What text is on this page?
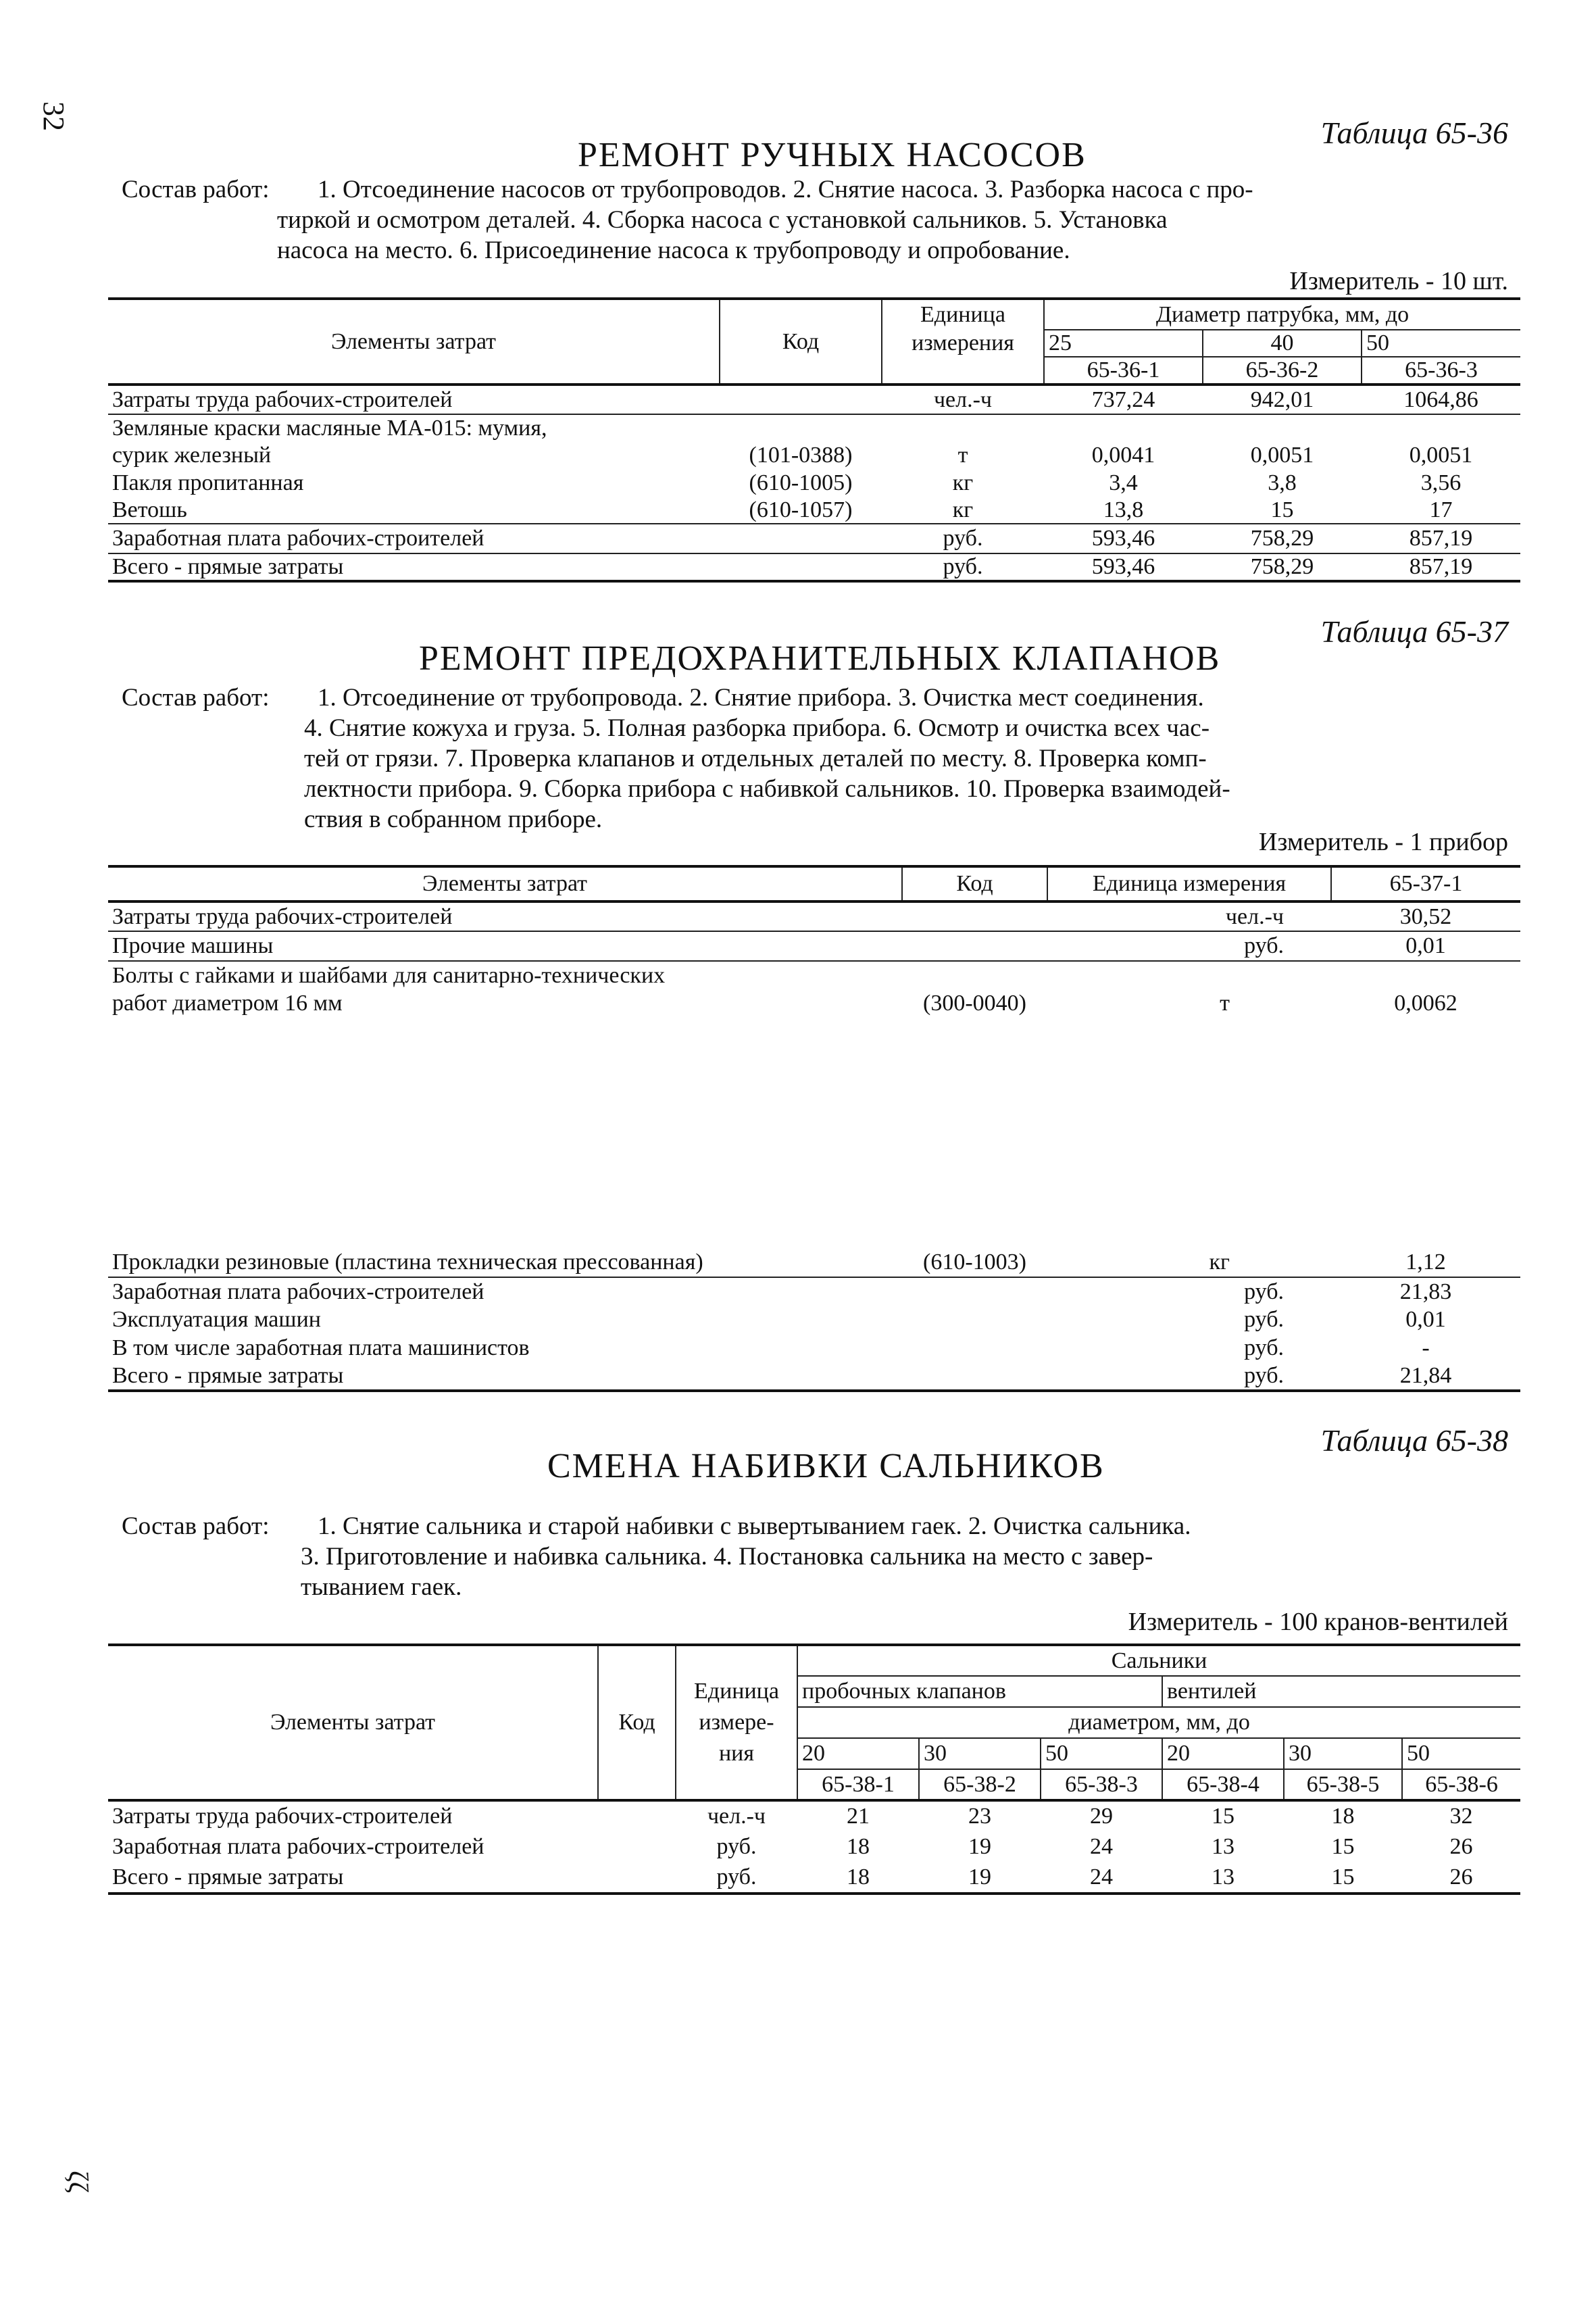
32	Таблица 65-36
РЕМОНТ РУЧНЫХ НАСОСОВ
Состав работ: 1. Отсоединение насосов от трубопроводов. 2. Снятие насоса. 3. Разборка насоса с про-
тиркой и осмотром деталей. 4. Сборка насоса с установкой сальников. 5. Установка
насоса на место. 6. Присоединение насоса к трубопроводу и опробование.
Измеритель - 10 шт.
Элементы затрат	Код	Единица	Диаметр патрубка, мм, до		
		измерения	25	40	50
			65-36-1	65-36-2	65-36-3
Затраты труда рабочих-строителей		чел.-ч	737,24	942,01	1064,86
Земляные краски масляные МА-015: мумия,					
сурик железный	(101-0388)	т	0,0041	0,0051	0,0051
Пакля пропитанная	(610-1005)	кг	3,4	3,8	3,56
Ветошь	(610-1057)	кг	13,8	15	17
Заработная плата рабочих-строителей		руб.	593,46	758,29	857,19
Всего - прямые затраты		руб.	593,46	758,29	857,19
Таблица 65-37
РЕМОНТ ПРЕДОХРАНИТЕЛЬНЫХ КЛАПАНОВ
Состав работ: 1. Отсоединение от трубопровода. 2. Снятие прибора. 3. Очистка мест соединения.
4. Снятие кожуха и груза. 5. Полная разборка прибора. 6. Осмотр и очистка всех час-
тей от грязи. 7. Проверка клапанов и отдельных деталей по месту. 8. Проверка комп-
лектности прибора. 9. Сборка прибора с набивкой сальников. 10. Проверка взаимодей-
ствия в собранном приборе.
Измеритель - 1 прибор
Элементы затрат	Код	Единица измерения	65-37-1
Затраты труда рабочих-строителей		чел.-ч	30,52
Прочие машины		руб.	0,01
Болты с гайками и шайбами для санитарно-технических			
работ диаметром 16 мм	(300-0040)	т	0,0062

Прокладки резиновые (пластина техническая прессованная)	(610-1003)	кг	1,12
Заработная плата рабочих-строителей		руб.	21,83
Эксплуатация машин		руб.	0,01
В том числе заработная плата машинистов		руб.	-
Всего - прямые затраты		руб.	21,84
Таблица 65-38
СМЕНА НАБИВКИ САЛЬНИКОВ
Состав работ: 1. Снятие сальника и старой набивки с вывертыванием гаек. 2. Очистка сальника.
3. Приготовление и набивка сальника. 4. Постановка сальника на место с завер-
тыванием гаек.
Измеритель - 100 кранов-вентилей
Элементы затрат	Код		Сальники					
		Единица	пробочных клапанов			вентилей		
		измере-	диаметром, мм, до					
		ния	20	30	50	20	30	50
			65-38-1	65-38-2	65-38-3	65-38-4	65-38-5	65-38-6
Затраты труда рабочих-строителей		чел.-ч	21	23	29	15	18	32
Заработная плата рабочих-строителей		руб.	18	19	24	13	15	26
Всего - прямые затраты		руб.	18	19	24	13	15	26
ζζ
